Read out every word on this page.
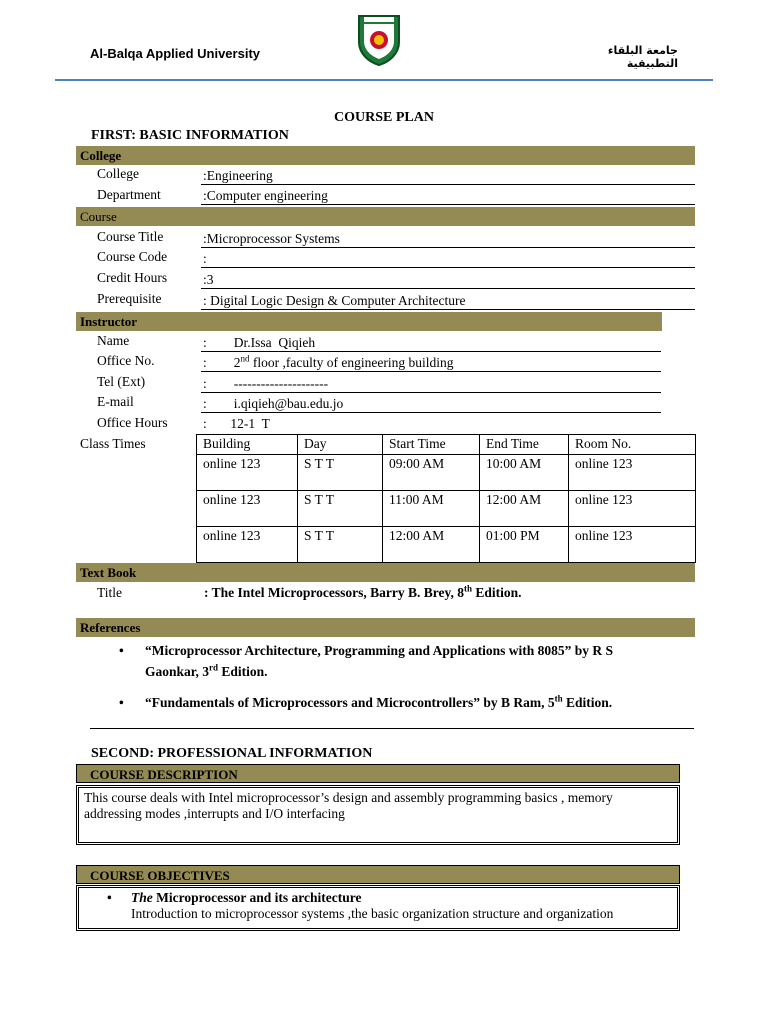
Al-Balqa Applied University	جامعة البلقاء التطبيقية
COURSE PLAN
FIRST: BASIC INFORMATION
College
College	:Engineering
Department	:Computer engineering
Course
Course Title	:Microprocessor Systems
Course Code	:
Credit Hours	:3
Prerequisite	: Digital Logic Design & Computer Architecture
Instructor
Name	:        Dr.Issa  Qiqieh
Office No.	:        2nd floor ,faculty of engineering building
Tel (Ext)	:        ---------------------
E-mail	:        i.qiqieh@bau.edu.jo
Office Hours	:       12-1  T
Class Times	Building	Day	Start Time	End Time	Room No.
online 123	S T T	09:00 AM	10:00 AM	online 123
online 123	S T T	11:00 AM	12:00 AM	online 123
online 123	S T T	12:00 AM	01:00 PM	online 123
Text Book
Title	: The Intel Microprocessors, Barry B. Brey, 8th Edition.
References
• “Microprocessor Architecture, Programming and Applications with 8085” by R S
Gaonkar, 3rd Edition.
• “Fundamentals of Microprocessors and Microcontrollers” by B Ram, 5th Edition.
SECOND: PROFESSIONAL INFORMATION
COURSE DESCRIPTION
This course deals with Intel microprocessor’s design and assembly programming basics , memory addressing modes ,interrupts and I/O interfacing
COURSE OBJECTIVES
• The Microprocessor and its architecture
Introduction to microprocessor systems ,the basic organization structure and organization
